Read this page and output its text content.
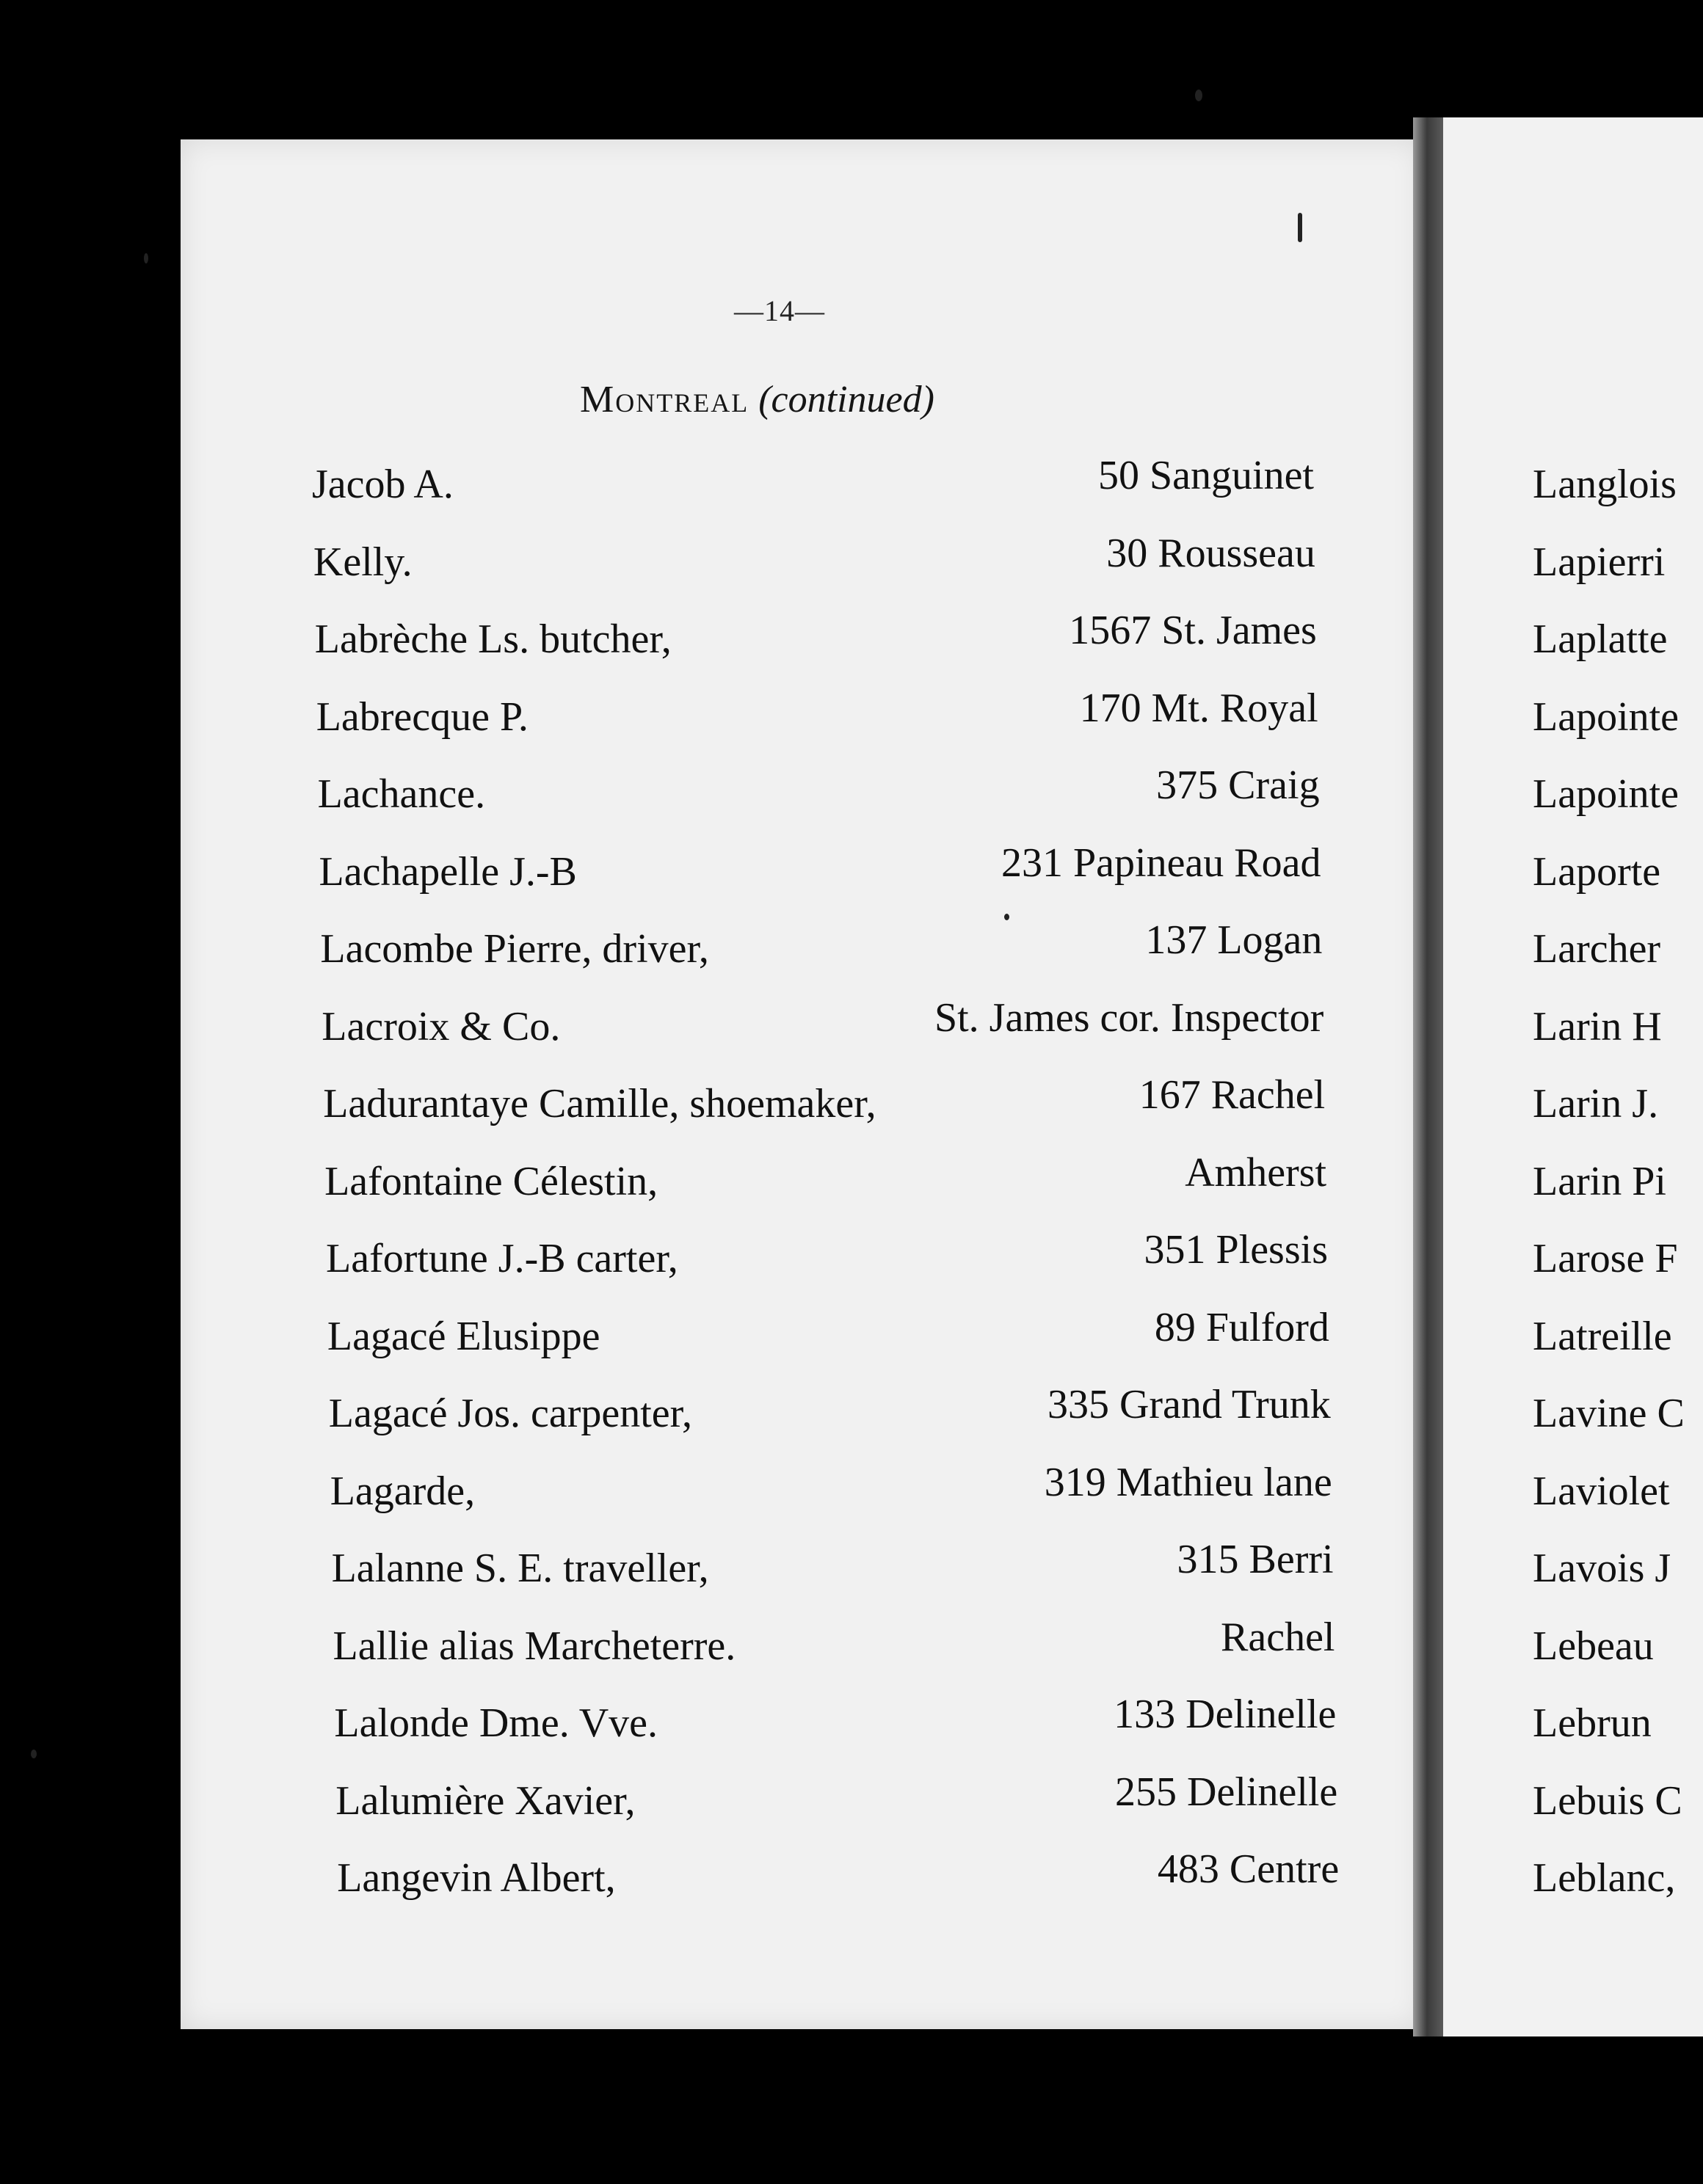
—14—
Montreal (continued)
Jacob A.	50 Sanguinet
Kelly.	30 Rousseau
Labrèche Ls. butcher,	1567 St. James
Labrecque P.	170 Mt. Royal
Lachance.	375 Craig
Lachapelle J.-B	231 Papineau Road
Lacombe Pierre, driver,	137 Logan
Lacroix & Co.	St. James cor. Inspector
Ladurantaye Camille, shoemaker,	167 Rachel
Lafontaine Célestin,	Amherst
Lafortune J.-B carter,	351 Plessis
Lagacé Elusippe	89 Fulford
Lagacé Jos. carpenter,	335 Grand Trunk
Lagarde,	319 Mathieu lane
Lalanne S. E. traveller,	315 Berri
Lallie alias Marcheterre.	Rachel
Lalonde Dme. Vve.	133 Delinelle
Lalumière Xavier,	255 Delinelle
Langevin Albert,	483 Centre
Langlois
Lapierri
Laplatte
Lapointe
Lapointe
Laporte
Larcher
Larin H
Larin J.
Larin Pi
Larose F
Latreille
Lavine C
Laviolet
Lavois J
Lebeau
Lebrun
Lebuis C
Leblanc,
